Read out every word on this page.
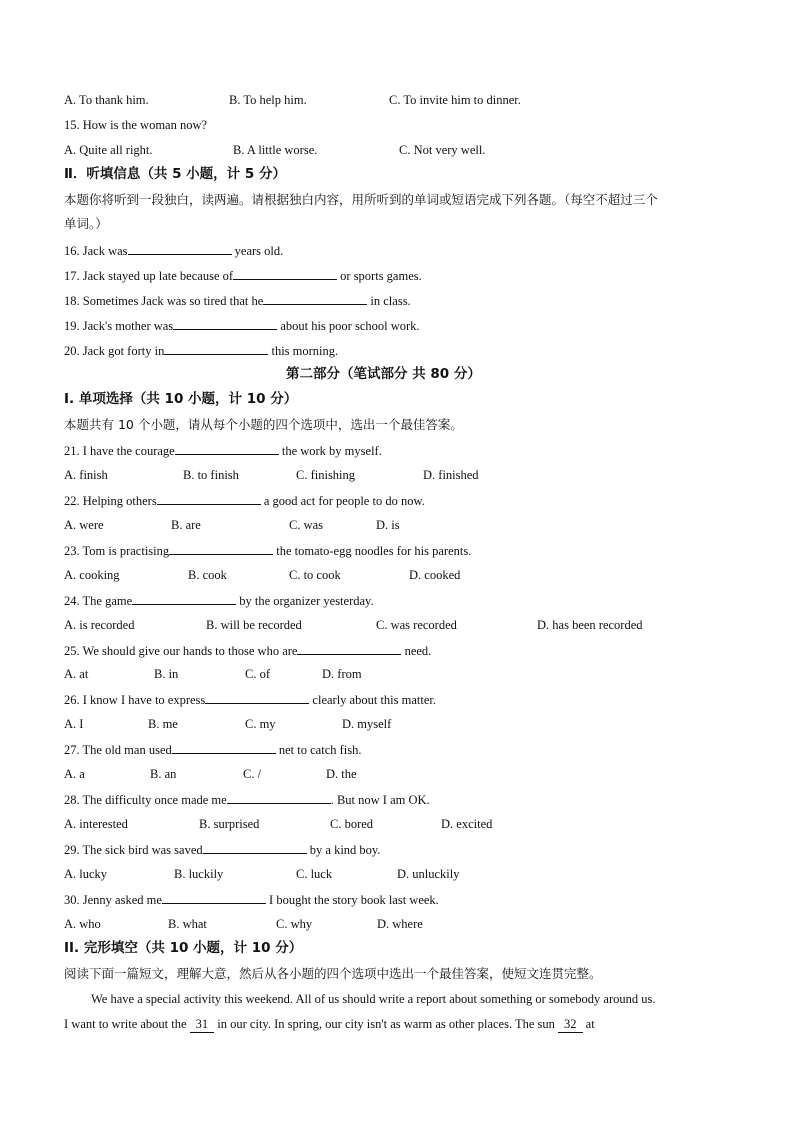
A. To thank him.	B. To help him.	C. To invite him to dinner.
15. How is the woman now?
A. Quite all right.	B. A little worse.	C. Not very well.
Ⅱ．听填信息（共 5 小题，计 5 分）
本题你将听到一段独白，读两遍。请根据独白内容，用所听到的单词或短语完成下列各题。（每空不超过三个
单词。）
16. Jack was	years old.
17. Jack stayed up late because of	or sports games.
18. Sometimes Jack was so tired that he	in class.
19. Jack's mother was	about his poor school work.
20. Jack got forty in	this morning.
第二部分（笔试部分 共 80 分）
I. 单项选择（共 10 小题，计 10 分）
本题共有 10 个小题，请从每个小题的四个选项中，选出一个最佳答案。
21. I have the courage	the work by myself.
A. finish	B. to finish	C. finishing	D. finished
22. Helping others	a good act for people to do now.
A. were	B. are	C. was	D. is
23. Tom is practising	the tomato-egg noodles for his parents.
A. cooking	B. cook	C. to cook	D. cooked
24. The game	by the organizer yesterday.
A. is recorded	B. will be recorded	C. was recorded	D. has been recorded
25. We should give our hands to those who are	need.
A. at	B. in	C. of	D. from
26. I know I have to express	clearly about this matter.
A. I	B. me	C. my	D. myself
27. The old man used	net to catch fish.
A. a	B. an	C. /	D. the
28. The difficulty once made me	. But now I am OK.
A. interested	B. surprised	C. bored	D. excited
29. The sick bird was saved	by a kind boy.
A. lucky	B. luckily	C. luck	D. unluckily
30. Jenny asked me	I bought the story book last week.
A. who	B. what	C. why	D. where
II. 完形填空（共 10 小题，计 10 分）
阅读下面一篇短文，理解大意，然后从各小题的四个选项中选出一个最佳答案，使短文连贯完整。
We have a special activity this weekend. All of us should write a report about something or somebody around us.
I want to write about the 31 in our city. In spring, our city isn't as warm as other places. The sun 32 at
